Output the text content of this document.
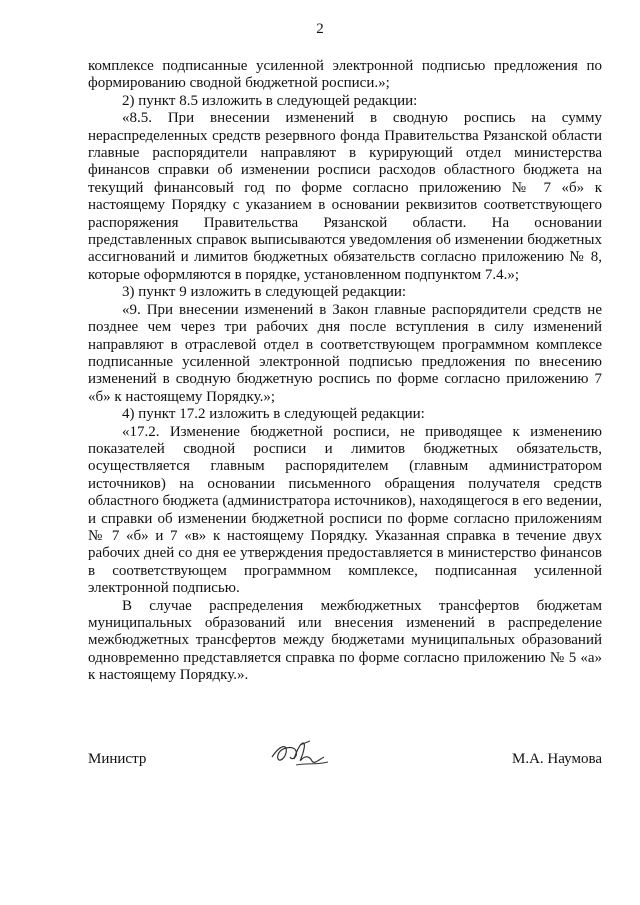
2

комплексе подписанные усиленной электронной подписью предложения по формированию сводной бюджетной росписи.»;

2) пункт 8.5 изложить в следующей редакции:

«8.5. При внесении изменений в сводную роспись на сумму нераспределенных средств резервного фонда Правительства Рязанской области главные распорядители направляют в курирующий отдел министерства финансов справки об изменении росписи расходов областного бюджета на текущий финансовый год по форме согласно приложению № 7 «б» к настоящему Порядку с указанием в основании реквизитов соответствующего распоряжения Правительства Рязанской области. На основании представленных справок выписываются уведомления об изменении бюджетных ассигнований и лимитов бюджетных обязательств согласно приложению № 8, которые оформляются в порядке, установленном подпунктом 7.4.»;

3) пункт 9 изложить в следующей редакции:

«9. При внесении изменений в Закон главные распорядители средств не позднее чем через три рабочих дня после вступления в силу изменений направляют в отраслевой отдел в соответствующем программном комплексе подписанные усиленной электронной подписью предложения по внесению изменений в сводную бюджетную роспись по форме согласно приложению 7 «б» к настоящему Порядку.»;

4) пункт 17.2 изложить в следующей редакции:

«17.2. Изменение бюджетной росписи, не приводящее к изменению показателей сводной росписи и лимитов бюджетных обязательств, осуществляется главным распорядителем (главным администратором источников) на основании письменного обращения получателя средств областного бюджета (администратора источников), находящегося в его ведении, и справки об изменении бюджетной росписи по форме согласно приложениям № 7 «б» и 7 «в» к настоящему Порядку. Указанная справка в течение двух рабочих дней со дня ее утверждения предоставляется в министерство финансов в соответствующем программном комплексе, подписанная усиленной электронной подписью.

В случае распределения межбюджетных трансфертов бюджетам муниципальных образований или внесения изменений в распределение межбюджетных трансфертов между бюджетами муниципальных образований одновременно представляется справка по форме согласно приложению № 5 «а» к настоящему Порядку.».

Министр	М.А. Наумова
